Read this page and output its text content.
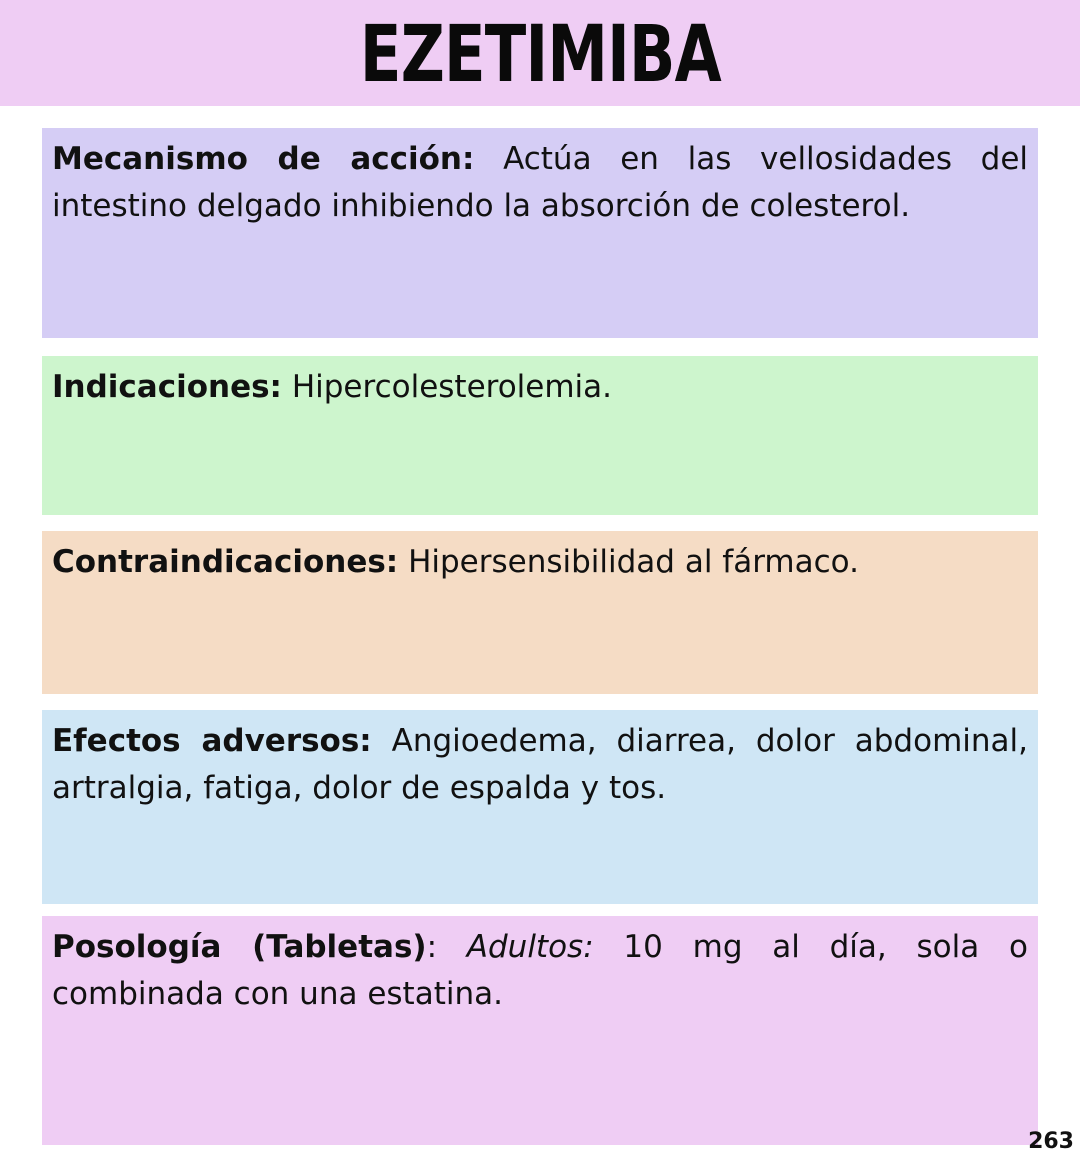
EZETIMIBA
Mecanismo de acción: Actúa en las vellosidades del intestino delgado inhibiendo la absorción de colesterol.
Indicaciones: Hipercolesterolemia.
Contraindicaciones: Hipersensibilidad al fármaco.
Efectos adversos: Angioedema, diarrea, dolor abdominal, artralgia, fatiga, dolor de espalda y tos.
Posología (Tabletas): Adultos: 10 mg al día, sola o combinada con una estatina.
263
